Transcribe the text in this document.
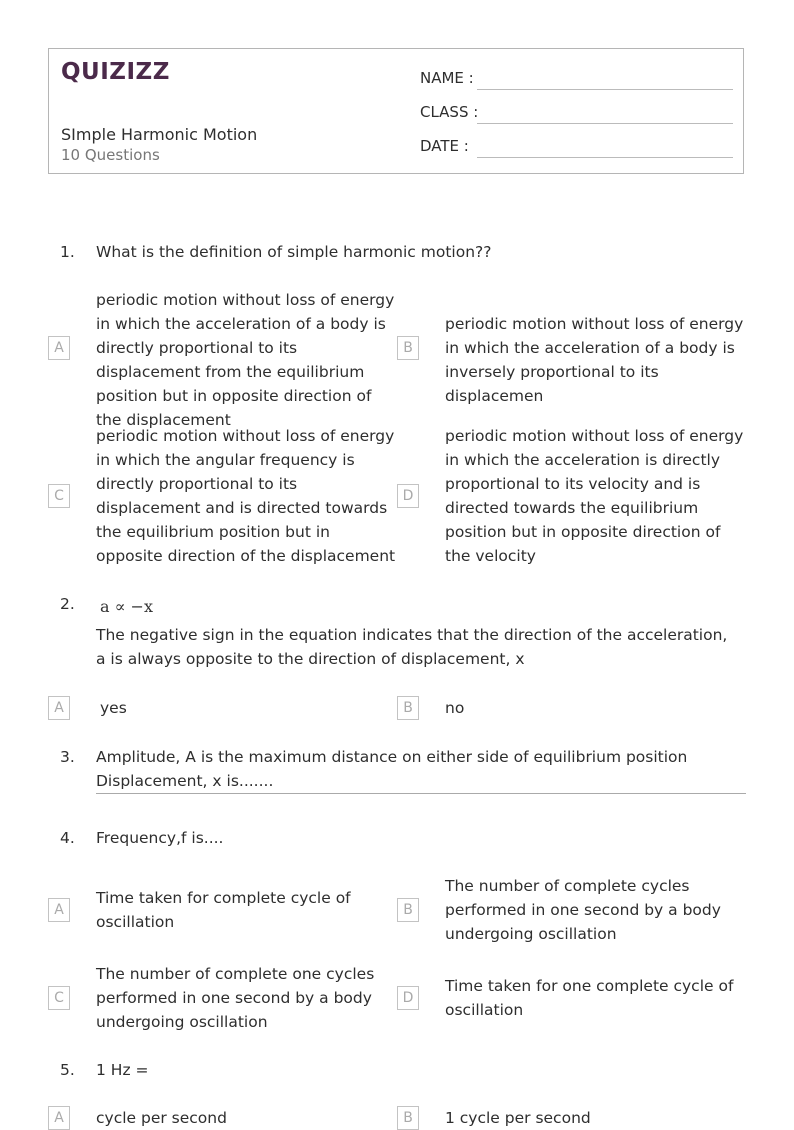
QUIZIZZ
SImple Harmonic Motion
10 Questions
NAME :
CLASS :
DATE :
1. What is the definition of simple harmonic motion??
A
periodic motion without loss of energy in which the acceleration of a body is directly proportional to its displacement from the equilibrium position but in opposite direction of the displacement
B
periodic motion without loss of energy in which the acceleration of a body is inversely proportional to its displacemen
C
periodic motion without loss of energy in which the angular frequency is directly proportional to its displacement and is directed towards the equilibrium position but in opposite direction of the displacement
D
periodic motion without loss of energy in which the acceleration is directly proportional to its velocity and is directed towards the equilibrium position but in opposite direction of the velocity
2. a ∝ −x
The negative sign in the equation indicates that the direction of the acceleration, a is always opposite to the direction of displacement, x
A	yes	B	no
3. Amplitude, A is the maximum distance on either side of equilibrium position Displacement, x is.......
4. Frequency,f is....
A
Time taken for complete cycle of oscillation
B
The number of complete cycles performed in one second by a body undergoing oscillation
C
The number of complete one cycles performed in one second by a body undergoing oscillation
D
Time taken for one complete cycle of oscillation
5. 1 Hz =
A	cycle per second	B	1 cycle per second
